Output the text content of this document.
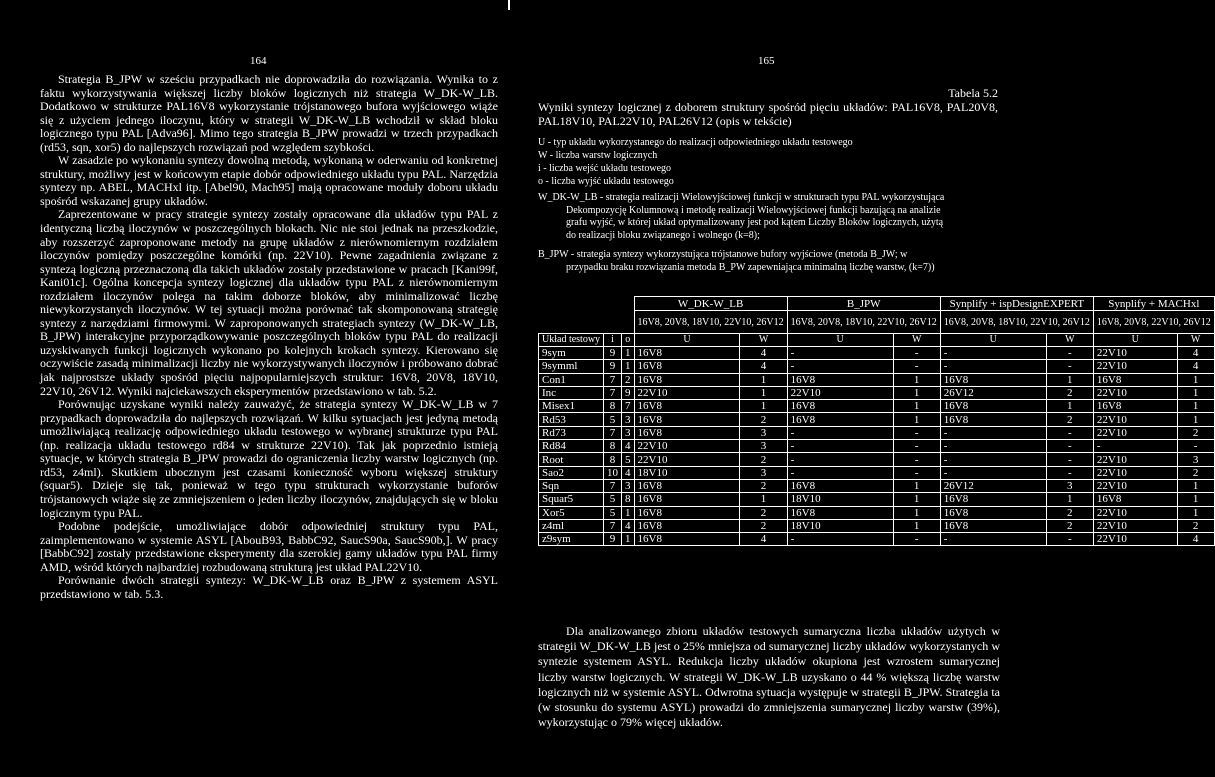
164	165

Strategia B_JPW w sześciu przypadkach nie doprowadziła do rozwiązania. Wynika to z faktu wykorzystywania większej liczby bloków logicznych niż strategia W_DK-W_LB. Dodatkowo w strukturze PAL16V8 wykorzystanie trójstanowego bufora wyjściowego wiąże się z użyciem jednego iloczynu, który w strategii W_DK-W_LB wchodził w skład bloku logicznego typu PAL [Adva96]. Mimo tego strategia B_JPW prowadzi w trzech przypadkach (rd53, sqn, xor5) do najlepszych rozwiązań pod względem szybkości.

W zasadzie po wykonaniu syntezy dowolną metodą, wykonaną w oderwaniu od konkretnej struktury, możliwy jest w końcowym etapie dobór odpowiedniego układu typu PAL. Narzędzia syntezy np. ABEL, MACHxl itp. [Abel90, Mach95] mają opracowane moduły doboru układu spośród wskazanej grupy układów.

Zaprezentowane w pracy strategie syntezy zostały opracowane dla układów typu PAL z identyczną liczbą iloczynów w poszczególnych blokach. Nic nie stoi jednak na przeszkodzie, aby rozszerzyć zaproponowane metody na grupę układów z nierównomiernym rozdziałem iloczynów pomiędzy poszczególne komórki (np. 22V10). Pewne zagadnienia związane z syntezą logiczną przeznaczoną dla takich układów zostały przedstawione w pracach [Kani99f, Kani01c]. Ogólna koncepcja syntezy logicznej dla układów typu PAL z nierównomiernym rozdziałem iloczynów polega na takim doborze bloków, aby minimalizować liczbę niewykorzystanych iloczynów. W tej sytuacji można porównać tak skomponowaną strategię syntezy z narzędziami firmowymi. W zaproponowanych strategiach syntezy (W_DK-W_LB, B_JPW) interakcyjne przyporządkowywanie poszczególnych bloków typu PAL do realizacji uzyskiwanych funkcji logicznych wykonano po kolejnych krokach syntezy. Kierowano się oczywiście zasadą minimalizacji liczby nie wykorzystywanych iloczynów i próbowano dobrać jak najprostsze układy spośród pięciu najpopularniejszych struktur: 16V8, 20V8, 18V10, 22V10, 26V12. Wyniki najciekawszych eksperymentów przedstawiono w tab. 5.2.

Porównując uzyskane wyniki należy zauważyć, że strategia syntezy W_DK-W_LB w 7 przypadkach doprowadziła do najlepszych rozwiązań. W kilku sytuacjach jest jedyną metodą umożliwiającą realizację odpowiedniego układu testowego w wybranej strukturze typu PAL (np. realizacja układu testowego rd84 w strukturze 22V10). Tak jak poprzednio istnieją sytuacje, w których strategia B_JPW prowadzi do ograniczenia liczby warstw logicznych (np. rd53, z4ml). Skutkiem ubocznym jest czasami konieczność wyboru większej struktury (squar5). Dzieje się tak, ponieważ w tego typu strukturach wykorzystanie buforów trójstanowych wiąże się ze zmniejszeniem o jeden liczby iloczynów, znajdujących się w bloku logicznym typu PAL.

Podobne podejście, umożliwiające dobór odpowiedniej struktury typu PAL, zaimplementowano w systemie ASYL [AbouB93, BabbC92, SaucS90a, SaucS90b,]. W pracy [BabbC92] zostały przedstawione eksperymenty dla szerokiej gamy układów typu PAL firmy AMD, wśród których najbardziej rozbudowaną strukturą jest układ PAL22V10.

Porównanie dwóch strategii syntezy: W_DK-W_LB oraz B_JPW z systemem ASYL przedstawiono w tab. 5.3.

Tabela 5.2

Wyniki syntezy logicznej z doborem struktury spośród pięciu układów: PAL16V8, PAL20V8, PAL18V10, PAL22V10, PAL26V12 (opis w tekście)

U - typ układu wykorzystanego do realizacji odpowiedniego układu testowego
W - liczba warstw logicznych
i - liczba wejść układu testowego
o - liczba wyjść układu testowego
W_DK-W_LB - strategia realizacji Wielowyjściowej funkcji w strukturach typu PAL wykorzystująca
Dekompozycję Kolumnową i metodę realizacji Wielowyjściowej funkcji bazującą na analizie
grafu wyjść, w której układ optymalizowany jest pod kątem Liczby Bloków logicznych, użytą
do realizacji bloku związanego i wolnego (k=8);
B_JPW - strategia syntezy wykorzystująca trójstanowe bufory wyjściowe (metoda B_JW; w
przypadku braku rozwiązania metoda B_PW zapewniająca minimalną liczbę warstw, (k=7))
			W_DK-W_LB		B_JPW		Synplify + ispDesignEXPERT		Synplify + MACHxl	
			16V8, 20V8, 18V10, 22V10, 26V12		16V8, 20V8, 18V10, 22V10, 26V12		16V8, 20V8, 18V10, 22V10, 26V12		16V8, 20V8, 22V10, 26V12	
Układ testowy	i	o	U	W	U	W	U	W	U	W
9sym	9	1	16V8	4	-	-	-	-	22V10	4
9symml	9	1	16V8	4	-	-	-	-	22V10	4
Con1	7	2	16V8	1	16V8	1	16V8	1	16V8	1
Inc	7	9	22V10	1	22V10	1	26V12	2	22V10	1
Misex1	8	7	16V8	1	16V8	1	16V8	1	16V8	1
Rd53	5	3	16V8	2	16V8	1	16V8	2	22V10	1
Rd73	7	3	16V8	3	-	-	-	-	22V10	2
Rd84	8	4	22V10	3	-	-	-	-	-	-
Root	8	5	22V10	2	-	-	-	-	22V10	3
Sao2	10	4	18V10	3	-	-	-	-	22V10	2
Sqn	7	3	16V8	2	16V8	1	26V12	3	22V10	1
Squar5	5	8	16V8	1	18V10	1	16V8	1	16V8	1
Xor5	5	1	16V8	2	16V8	1	16V8	2	22V10	1
z4ml	7	4	16V8	2	18V10	1	16V8	2	22V10	2
z9sym	9	1	16V8	4	-	-	-	-	22V10	4

Dla analizowanego zbioru układów testowych sumaryczna liczba układów użytych w strategii W_DK-W_LB jest o 25% mniejsza od sumarycznej liczby układów wykorzystanych w syntezie systemem ASYL. Redukcja liczby układów okupiona jest wzrostem sumarycznej liczby warstw logicznych. W strategii W_DK-W_LB uzyskano o 44 % większą liczbę warstw logicznych niż w systemie ASYL. Odwrotna sytuacja występuje w strategii B_JPW. Strategia ta (w stosunku do systemu ASYL) prowadzi do zmniejszenia sumarycznej liczby warstw (39%), wykorzystując o 79% więcej układów.
